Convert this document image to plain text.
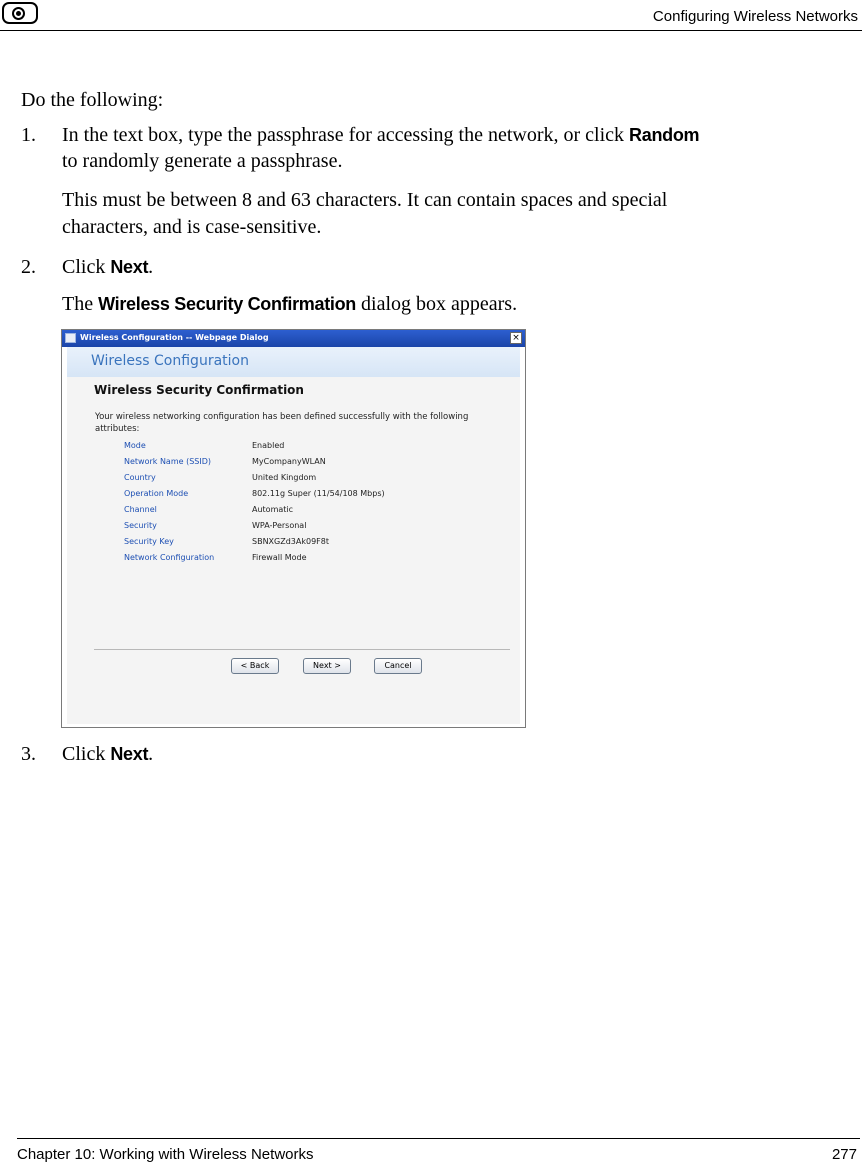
Configuring Wireless Networks
Do the following:
1. In the text box, type the passphrase for accessing the network, or click Random
to randomly generate a passphrase.
This must be between 8 and 63 characters. It can contain spaces and special
characters, and is case-sensitive.
2. Click Next.
The Wireless Security Confirmation dialog box appears.
3. Click Next.
Wireless Configuration -- Webpage Dialog	×
Wireless Configuration
Wireless Security Confirmation
Your wireless networking configuration has been defined successfully with the following attributes:
Mode	Enabled
Network Name (SSID)	MyCompanyWLAN
Country	United Kingdom
Operation Mode	802.11g Super (11/54/108 Mbps)
Channel	Automatic
Security	WPA-Personal
Security Key	SBNXGZd3Ak09F8t
Network Configuration	Firewall Mode
< Back	Next >	Cancel
Chapter 10: Working with Wireless Networks	277
